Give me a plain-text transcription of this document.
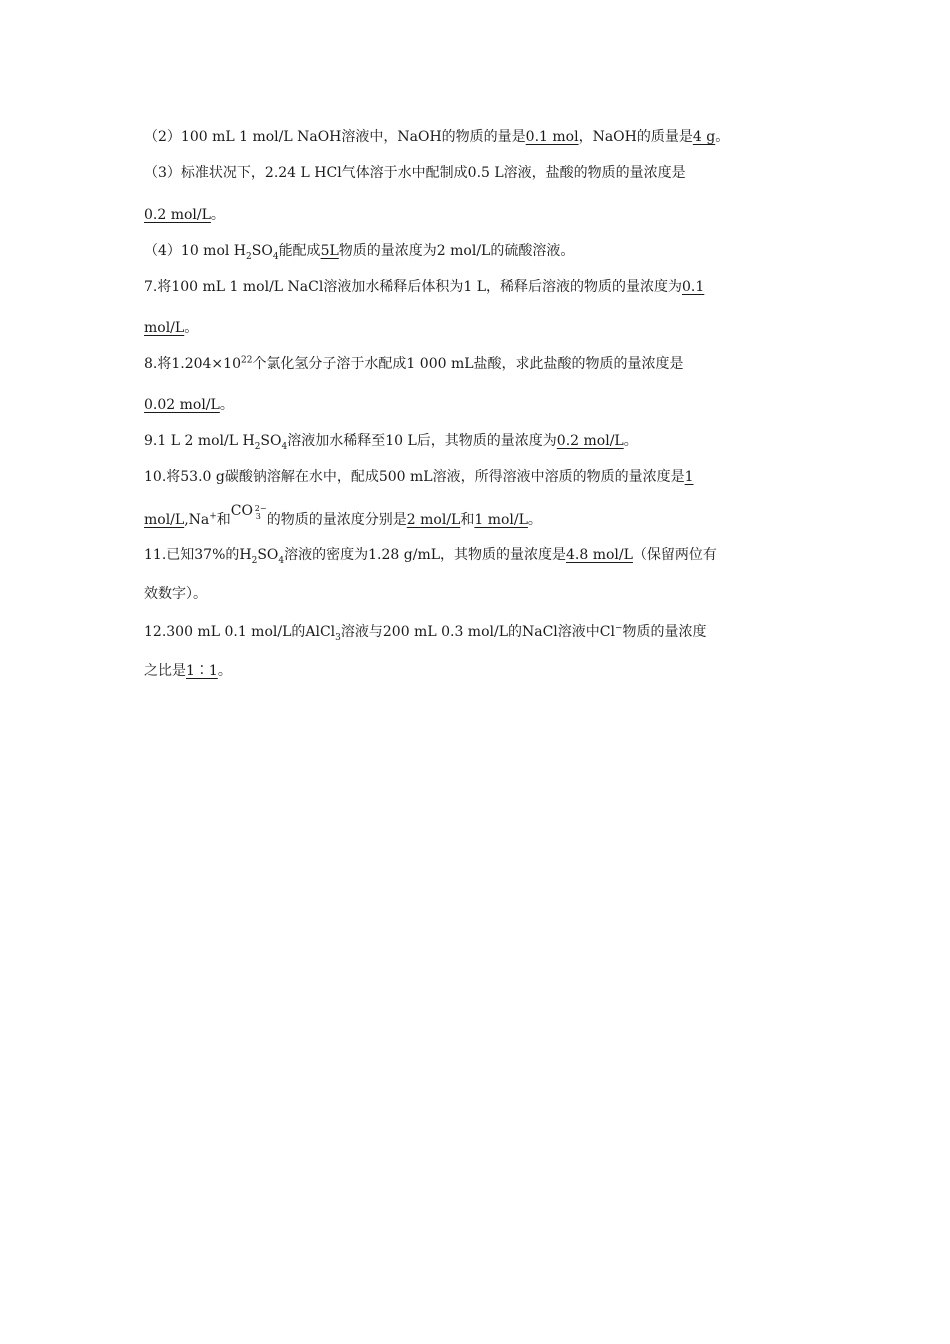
（2）100 mL 1 mol/L NaOH溶液中，NaOH的物质的量是0.1 mol，NaOH的质量是4 g。
（3）标准状况下，2.24 L HCl气体溶于水中配制成0.5 L溶液，盐酸的物质的量浓度是
0.2 mol/L。
（4）10 mol $H_2SO_4$能配成5L物质的量浓度为2 mol/L的硫酸溶液。
7.将100 mL 1 mol/L NaCl溶液加水稀释后体积为1 L，稀释后溶液的物质的量浓度为0.1
mol/L。
8.将$1.204\times 10^{22}$个氯化氢分子溶于水配成1 000 mL盐酸，求此盐酸的物质的量浓度是
0.02 mol/L。
9.1 L 2 mol/L $H_2SO_4$溶液加水稀释至10 L后，其物质的量浓度为0.2 mol/L。
10.将53.0 g碳酸钠溶解在水中，配成500 mL溶液，所得溶液中溶质的物质的量浓度是1
mol/L,Na+和
CO 2−
3 的物质的量浓度分别是2 mol/L和1 mol/L。
11.已知37%的$H_2SO_4$溶液的密度为1.28 g/mL，其物质的量浓度是4.8 mol/L（保留两位有
效数字）。
12.300 mL 0.1 mol/L的AlCl$_3$溶液与200 mL 0.3 mol/L的NaCl溶液中Cl−物质的量浓度
之比是1∶1。
